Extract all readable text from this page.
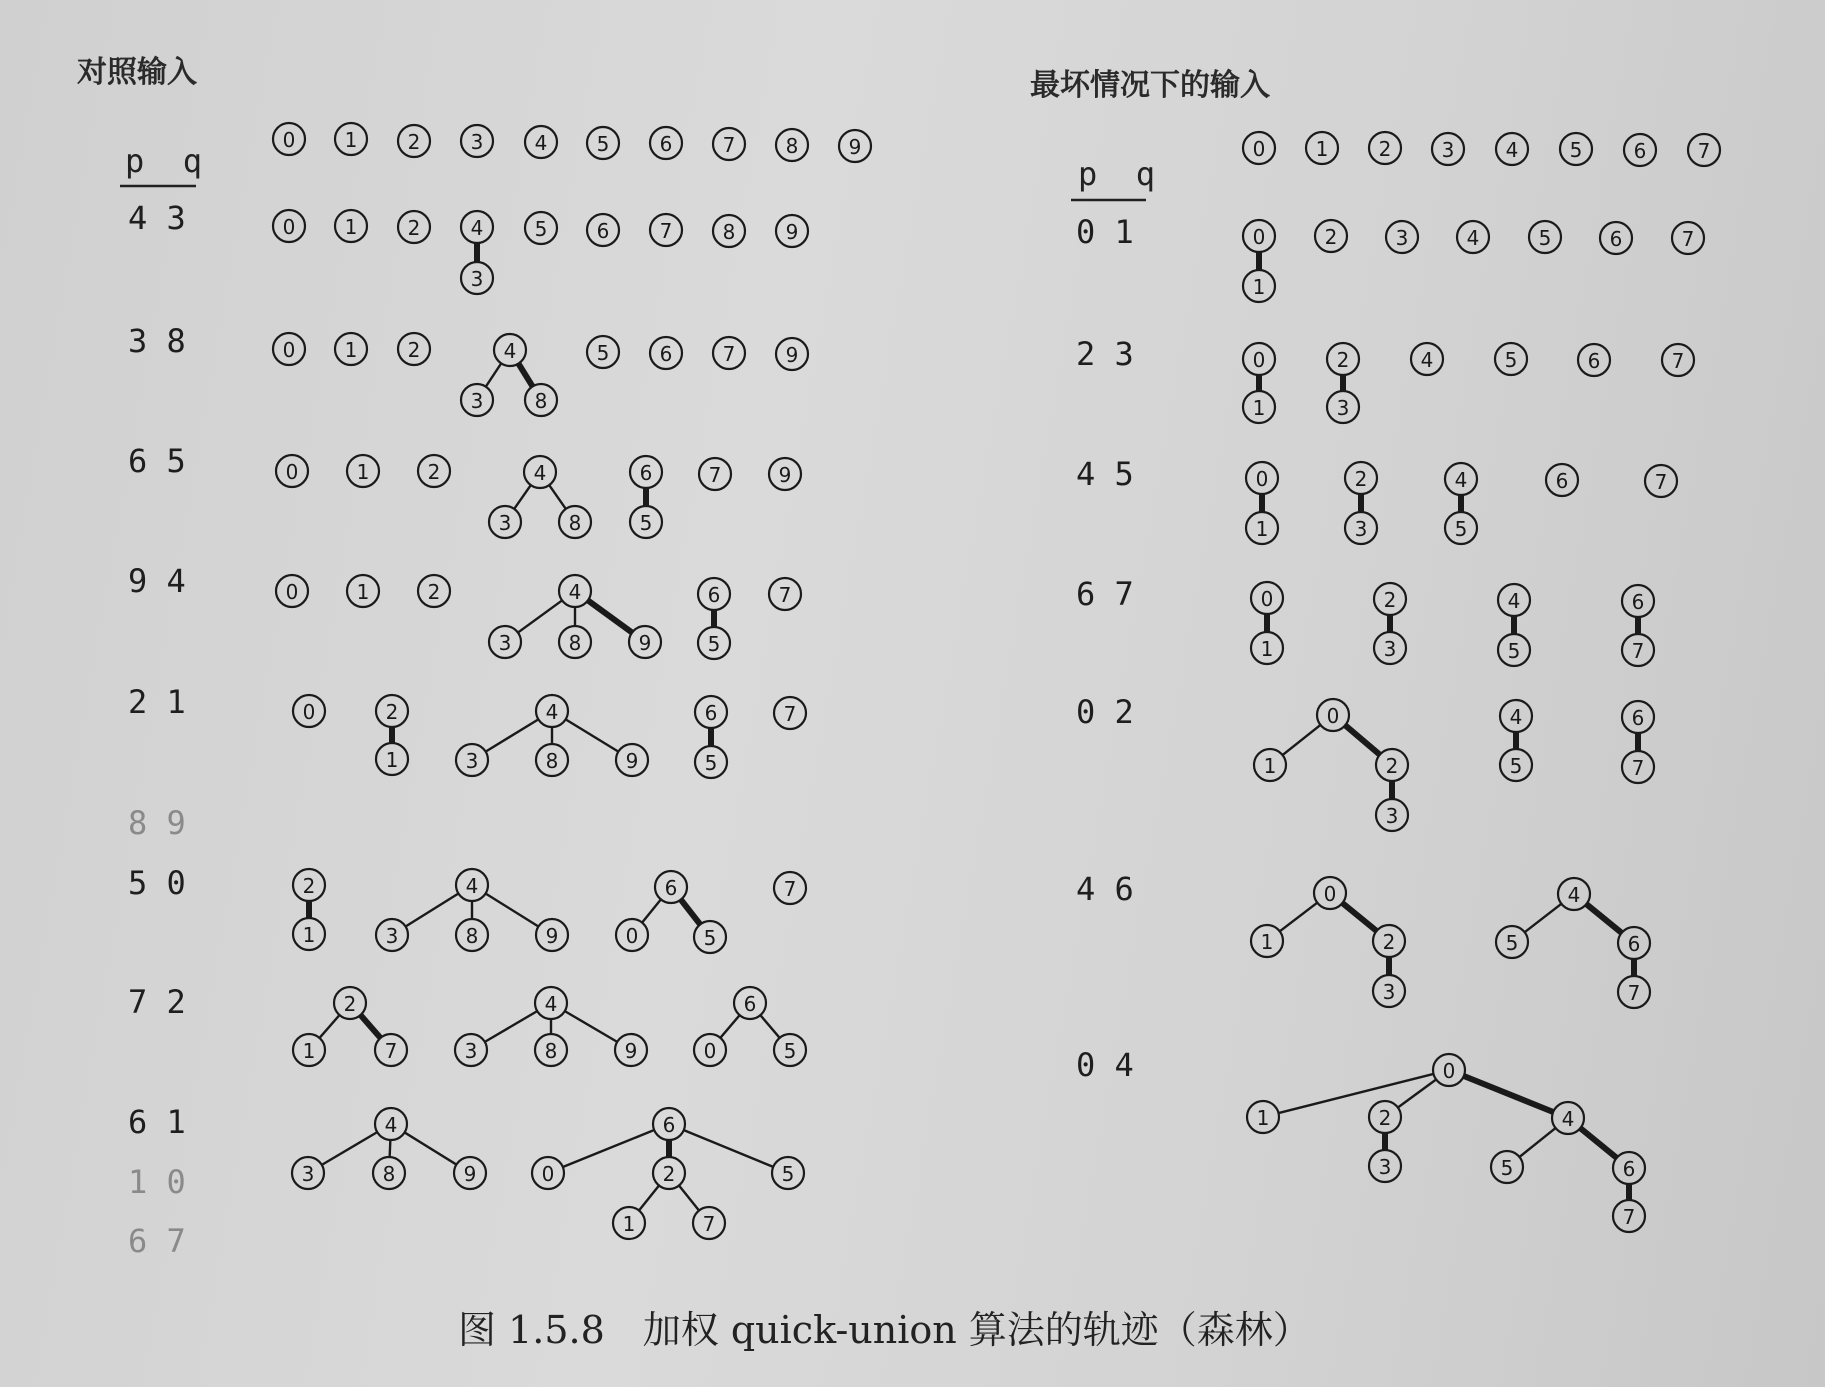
对照输入	最坏情况下的输入
p  q	p  q
4 3
3 8
6 5
9 4
2 1
8 9
5 0
7 2
6 1
1 0
6 7
0 1
2 3
4 5
6 7
0 2
4 6
0 4
0 1	2	3	4 5	6	7	8	9
0 1	2	4
3
5 6	7	8	9
0 1	2	4
3	8
5	6	7	9
0	1	2	4
3	8
6
5
7	9
0	1	2	4
3	8	9
6
5
7
0	2
1
4
3	8	9
6
5
7
2
1
4
3	8	9
6
0	5
7
2
1	7
4
3	8	9
6
0	5
4
3	8	9
6
0	2	5
1	7
0	1	2	3	4	5	6	7
0
1
2	3	4	5	6	7
0
1
2
3
4	5	6	7
0
1
2
3
4
5
6	7
0
1
2
3
4
5
6
7
0
1	2
3
4
5
6
7
0
1	2
3
4
5	6
7
0
1	2
3
4
5	6
7
图 1.5.8　加权 quick-union 算法的轨迹（森林）
